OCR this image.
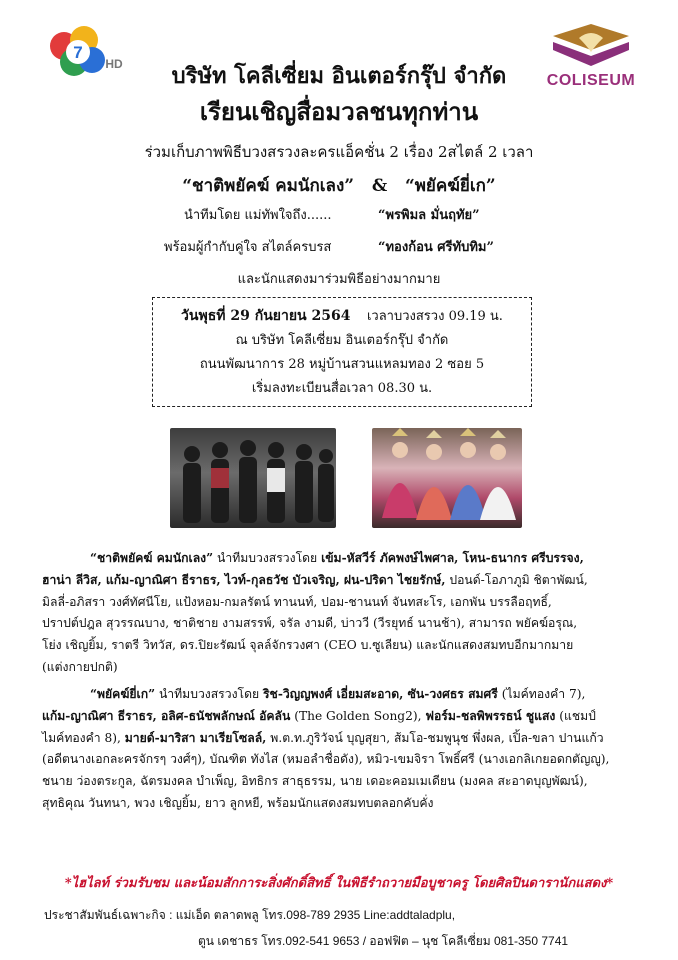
7
HD
COLISEUM
บริษัท โคลีเซี่ยม อินเตอร์กรุ๊ป จำกัด
เรียนเชิญสื่อมวลชนทุกท่าน
ร่วมเก็บภาพพิธีบวงสรวงละครแอ็คชั่น 2 เรื่อง 2สไตล์ 2 เวลา
“ชาติพยัคฆ์ คมนักเลง” & “พยัคฆ์ยี่เก”
นำทีมโดย แม่ทัพใจถึง......	“พรพิมล มั่นฤทัย”
พร้อมผู้กำกับคู่ใจ สไตล์ครบรส	“ทองก้อน ศรีทับทิม”
และนักแสดงมาร่วมพิธีอย่างมากมาย
วันพุธที่ 29 กันยายน 2564 เวลาบวงสรวง 09.19 น.
ณ บริษัท โคลีเซี่ยม อินเตอร์กรุ๊ป จำกัด
ถนนพัฒนาการ 28 หมู่บ้านสวนแหลมทอง 2 ซอย 5
เริ่มลงทะเบียนสื่อเวลา 08.30 น.
“ชาติพยัคฆ์ คมนักเลง” นำทีมบวงสรวงโดย เข้ม-หัสวีร์ ภัคพงษ์ไพศาล, โหน-ธนากร ศรีบรรจง,
ฮาน่า ลีวิส, แก้ม-ญาณิศา ธีราธร, ไวท์-กุลธวัช บัวเจริญ, ฝน-ปริดา ไชยรักษ์, ปอนด์-โอภาภูมิ ชิตาพัฒน์,
มิลลี่-อภิสรา วงศ์ทัศนีโย, แป้งหอม-กมลรัตน์ ทานนท์, ปอม-ชานนท์ จันทสะโร, เอกพัน บรรลือฤทธิ์,
ปราปต์ปฎล สุวรรณบาง, ชาติชาย งามสรรพ์, จรัล งามดี, บ่าววี (วีรยุทธ์ นานช้า), สามารถ พยัคฆ์อรุณ,
โย่ง เชิญยิ้ม, ราตรี วิทวัส, ดร.ปิยะรัฒน์ จุลล์จักรวงศา (CEO บ.ซูเลียน) และนักแสดงสมทบอีกมากมาย
(แต่งกายปกติ)
“พยัคฆ์ยี่เก” นำทีมบวงสรวงโดย ริช-วิญญพงศ์ เอี่ยมสะอาด, ซัน-วงศธร สมศรี (ไมค์ทองคำ 7),
แก้ม-ญาณิศา ธีราธร, อลิศ-ธนัชพลักษณ์ อัคลัน (The Golden Song2), ฟอร์ม-ชลพิพรรธน์ ชูแสง (แชมป์
ไมค์ทองคำ 8), มายด์-มาริสา มาเรียโซลล์, พ.ต.ท.ภูริวัจน์ บุญสุยา, ส้มโอ-ชมพูนุช พึ่งผล, เปิ้ล-ขลา ปานแก้ว
(อดีตนางเอกละครจักรๆ วงศ์ๆ), บัณฑิต ทังไส (หมอลำชื่อดัง), หมิว-เขมจิรา โพธิ์ศรี (นางเอกลิเกยอดกตัญญู),
ชนาย ว่องตระกูล, ฉัตรมงคล บำเพ็ญ, อิทธิกร สาธุธรรม, นาย เดอะคอมเมเดียน (มงคล สะอาดบุญพัฒน์),
สุทธิคุณ วันทนา, พวง เชิญยิ้ม, ยาว ลูกหยี, พร้อมนักแสดงสมทบตลอกคับคั่ง
*ไฮไลท์ ร่วมรับชม และน้อมสักการะสิ่งศักดิ์สิทธิ์ ในพิธีรำถวายมือบูชาครู โดยศิลปินดารานักแสดง*
ประชาสัมพันธ์เฉพาะกิจ : แม่เอ็ด ตลาดพลู โทร.098-789 2935 Line:addtaladplu,
ตูน เดชาธร โทร.092-541 9653 / ออฟฟิต – นุช โคลีเซี่ยม 081-350 7741
